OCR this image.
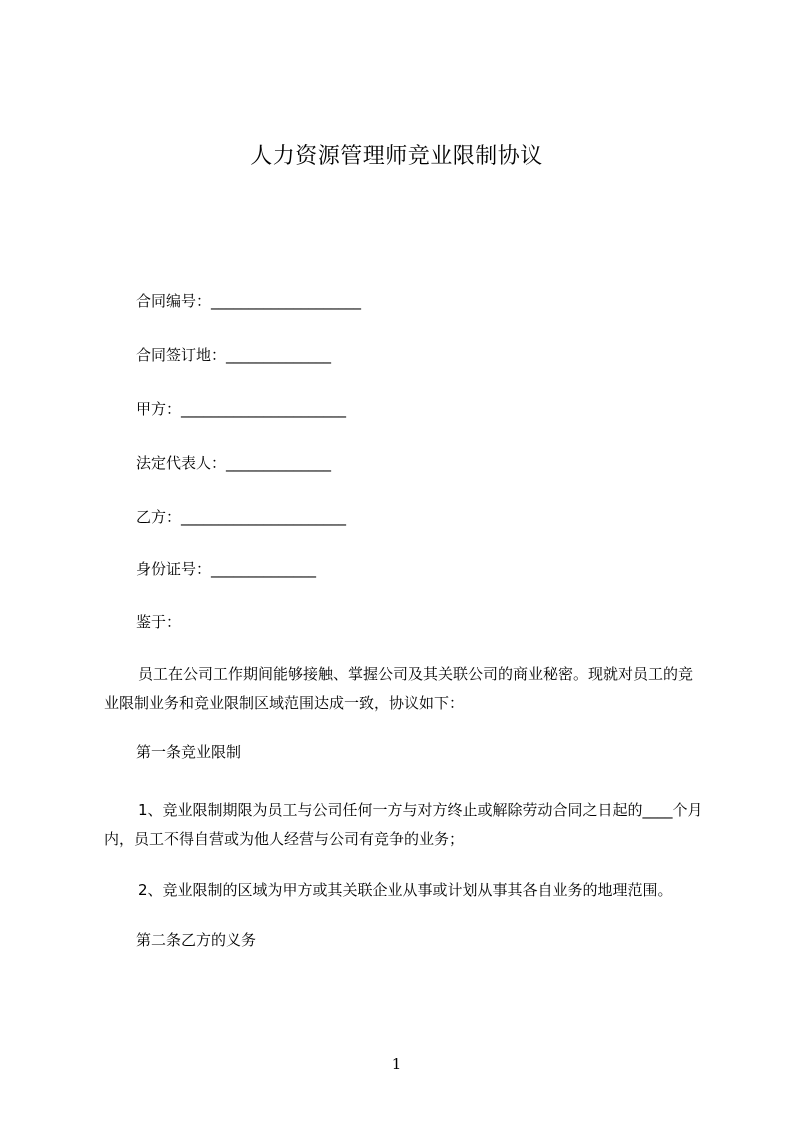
人力资源管理师竞业限制协议
合同编号：____________________
合同签订地：______________
甲方：______________________
法定代表人：______________
乙方：______________________
身份证号：______________
鉴于：
员工在公司工作期间能够接触、掌握公司及其关联公司的商业秘密。现就对员工的竞业限制业务和竞业限制区域范围达成一致，协议如下：
第一条竞业限制
1、竞业限制期限为员工与公司任何一方与对方终止或解除劳动合同之日起的____个月内，员工不得自营或为他人经营与公司有竞争的业务；
2、竞业限制的区域为甲方或其关联企业从事或计划从事其各自业务的地理范围。
第二条乙方的义务
1
